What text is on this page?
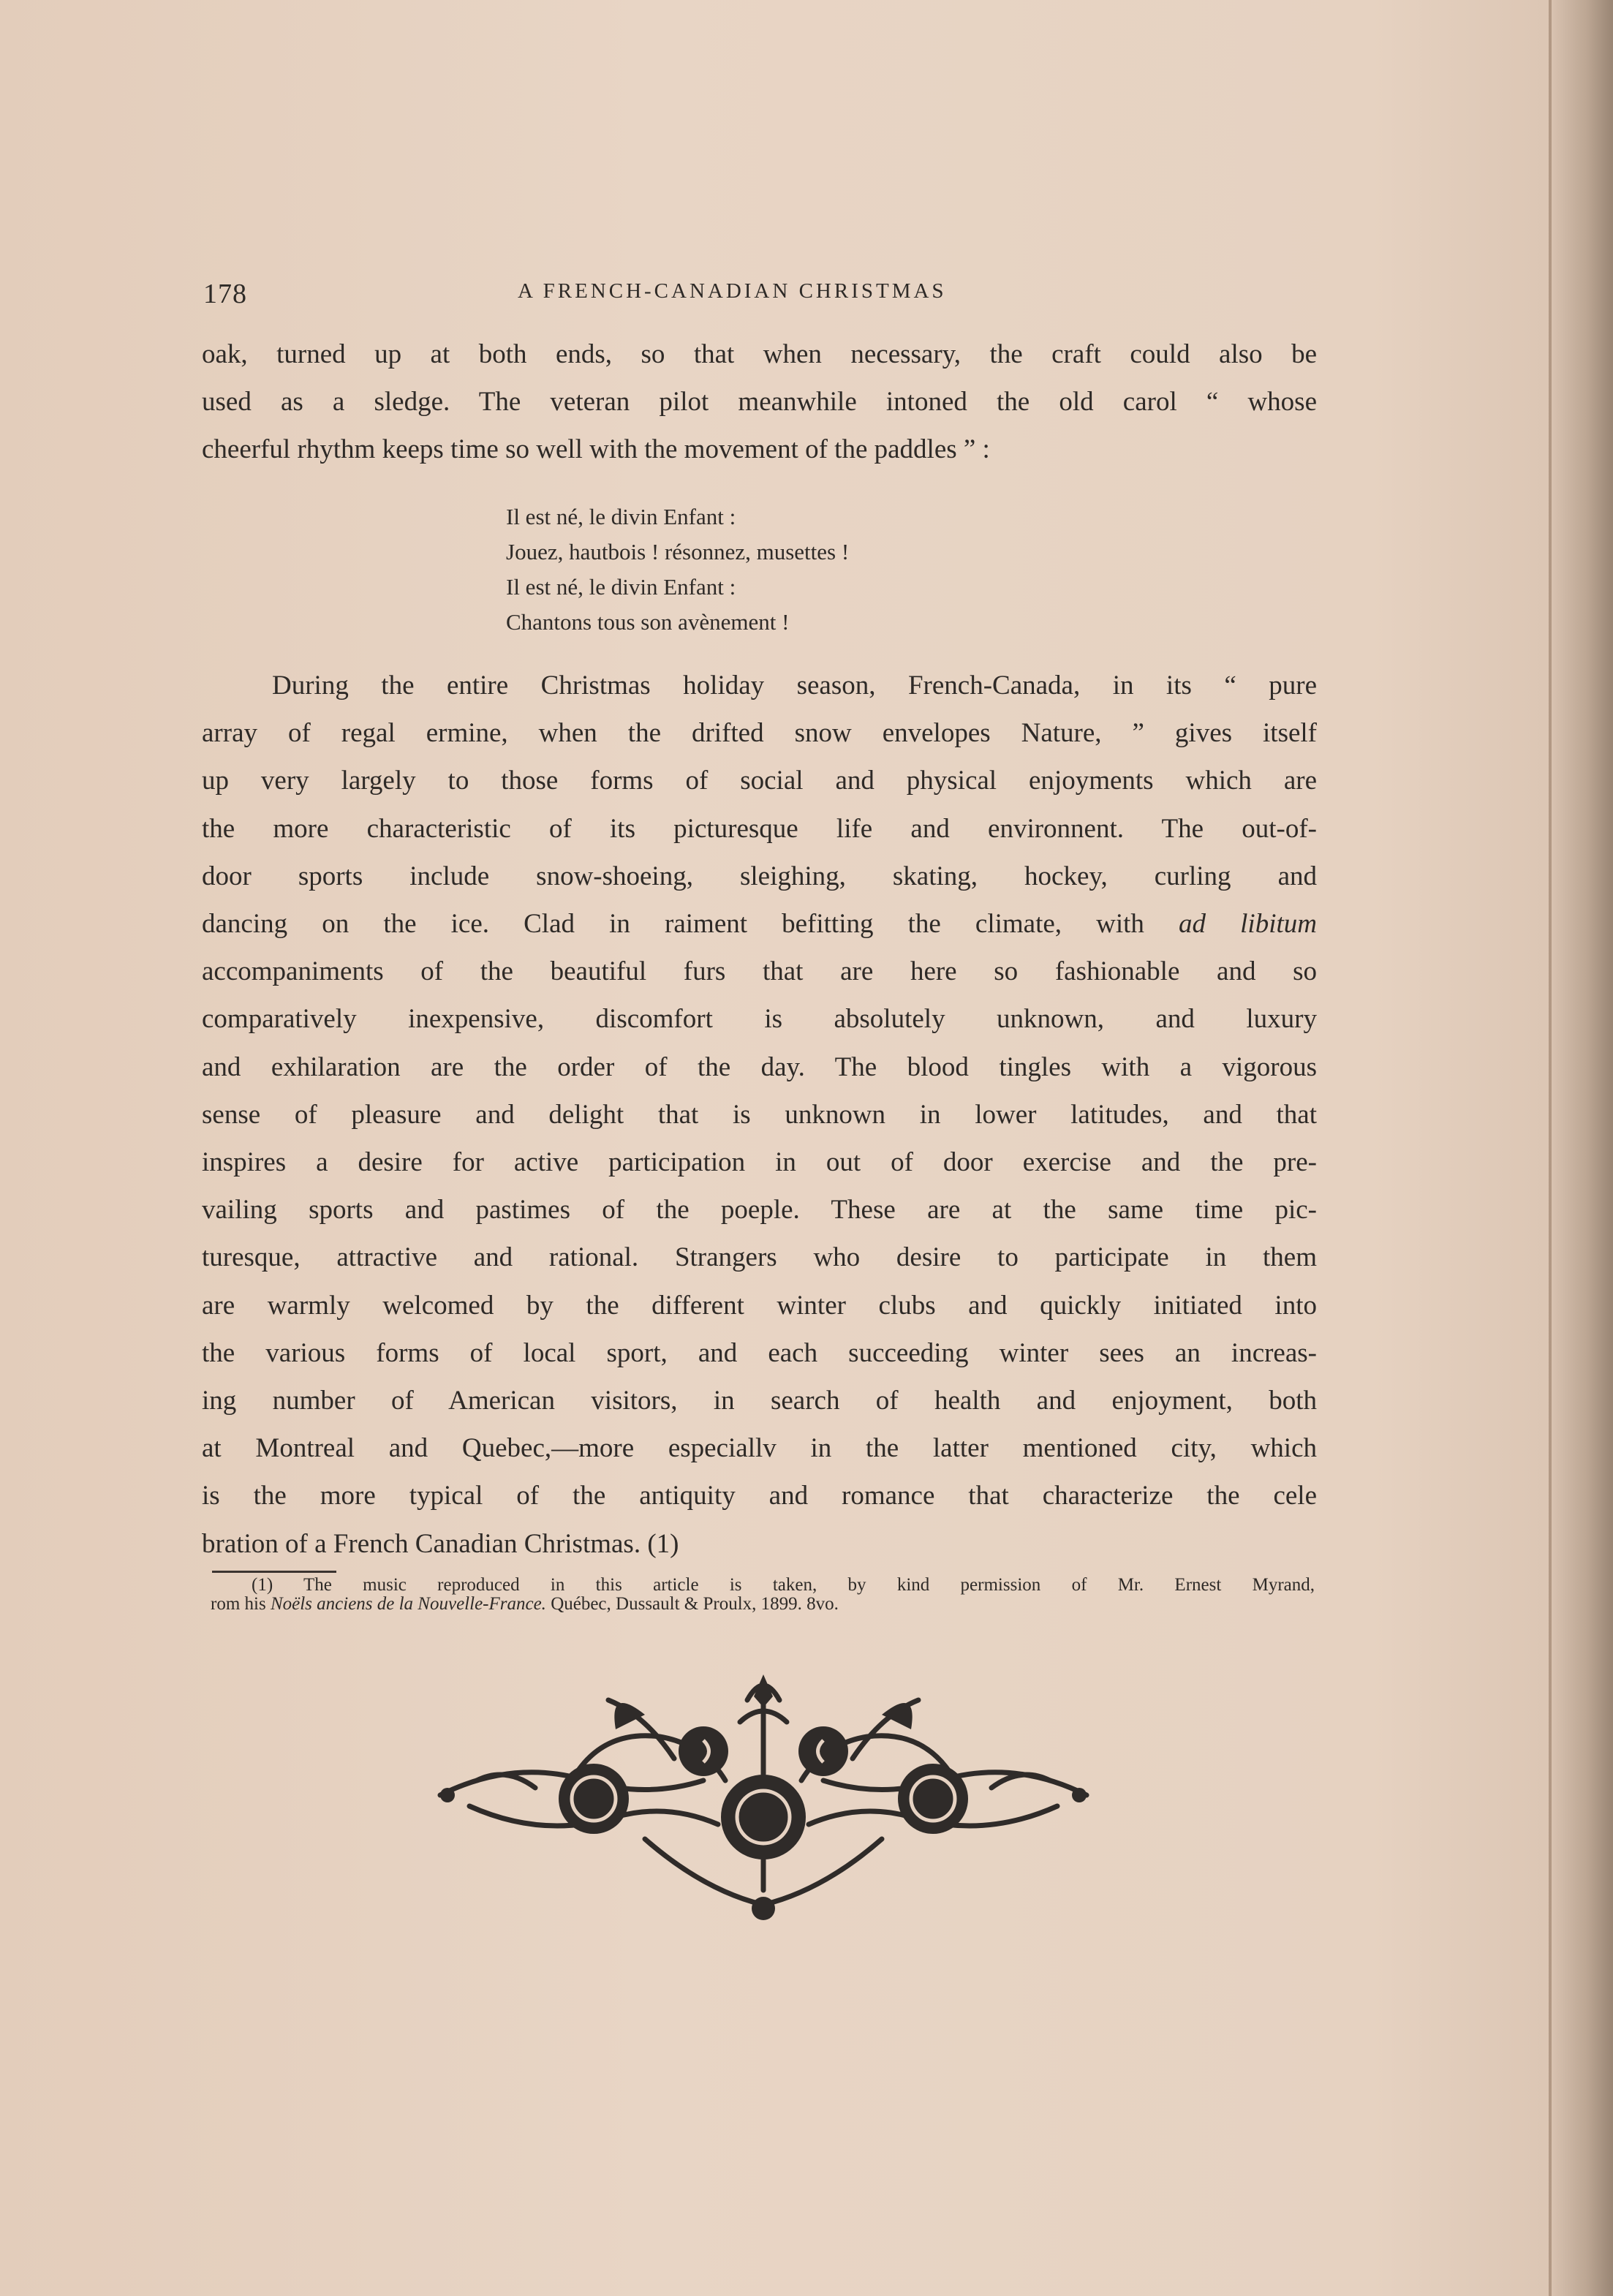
178	A FRENCH-CANADIAN CHRISTMAS
oak, turned up at both ends, so that when necessary, the craft could also be
used as a sledge. The veteran pilot meanwhile intoned the old carol “ whose
cheerful rhythm keeps time so well with the movement of the paddles ” :
Il est né, le divin Enfant :
Jouez, hautbois ! résonnez, musettes !
Il est né, le divin Enfant :
Chantons tous son avènement !
During the entire Christmas holiday season, French-Canada, in its “ pure
array of regal ermine, when the drifted snow envelopes Nature, ” gives itself
up very largely to those forms of social and physical enjoyments which are
the more characteristic of its picturesque life and environnent. The out-of-
door sports include snow-shoeing, sleighing, skating, hockey, curling and
dancing on the ice. Clad in raiment befitting the climate, with ad libitum
accompaniments of the beautiful furs that are here so fashionable and so
comparatively inexpensive, discomfort is absolutely unknown, and luxury
and exhilaration are the order of the day. The blood tingles with a vigorous
sense of pleasure and delight that is unknown in lower latitudes, and that
inspires a desire for active participation in out of door exercise and the pre-
vailing sports and pastimes of the poeple. These are at the same time pic-
turesque, attractive and rational. Strangers who desire to participate in them
are warmly welcomed by the different winter clubs and quickly initiated into
the various forms of local sport, and each succeeding winter sees an increas-
ing number of American visitors, in search of health and enjoyment, both
at Montreal and Quebec,—more especiallv in the latter mentioned city, which
is the more typical of the antiquity and romance that characterize the cele
bration of a French Canadian Christmas. (1)
(1) The music reproduced in this article is taken, by kind permission of Mr. Ernest Myrand,
rom his Noëls anciens de la Nouvelle-France. Québec, Dussault & Proulx, 1899. 8vo.
